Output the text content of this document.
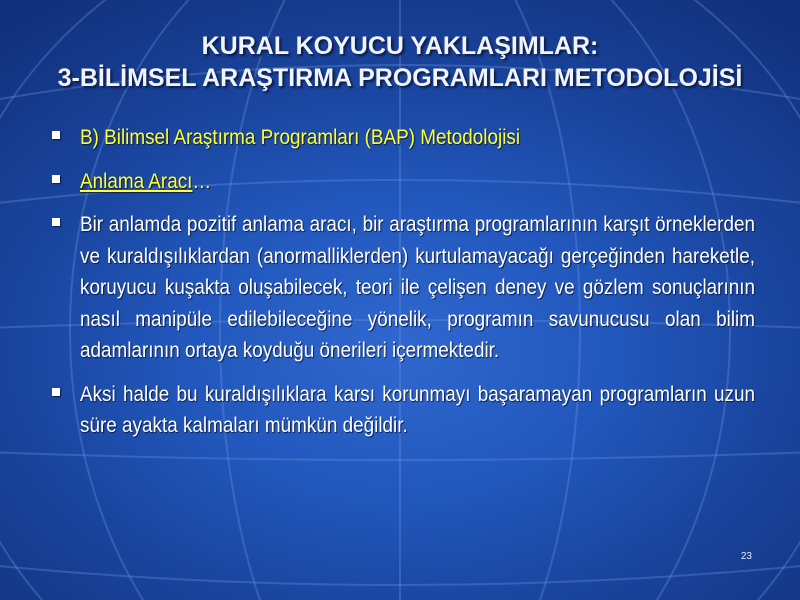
KURAL KOYUCU YAKLAŞIMLAR:
3-BİLİMSEL ARAŞTIRMA PROGRAMLARI METODOLOJİSİ
B) Bilimsel Araştırma Programları (BAP) Metodolojisi
Anlama Aracı…
Bir anlamda pozitif anlama aracı, bir araştırma programlarının karşıt örneklerden ve kuraldışılıklardan (anormalliklerden) kurtulamayacağı gerçeğinden hareketle, koruyucu kuşakta oluşabilecek, teori ile çelişen deney ve gözlem sonuçlarının nasıl manipüle edilebileceğine yönelik, programın savunucusu olan bilim adamlarının ortaya koyduğu önerileri içermektedir.
Aksi halde bu kuraldışılıklara karsı korunmayı başaramayan programların uzun süre ayakta kalmaları mümkün değildir.
23
